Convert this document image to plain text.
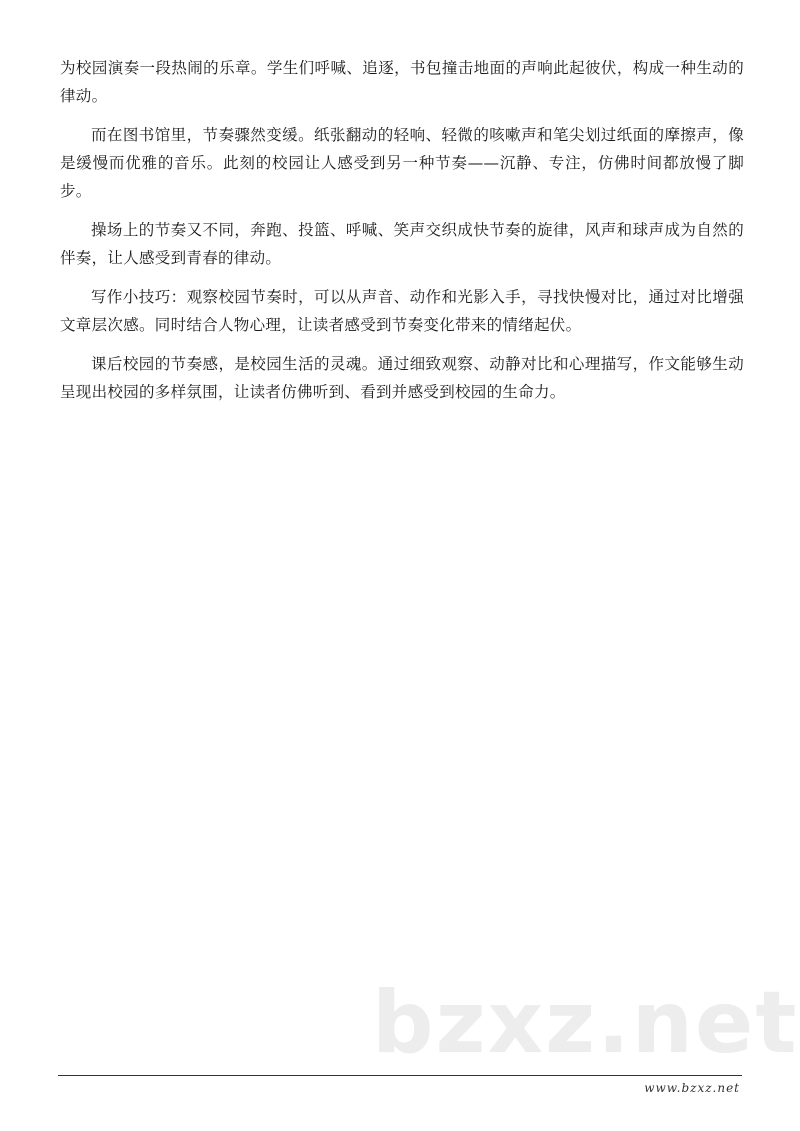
为校园演奏一段热闹的乐章。学生们呼喊、追逐，书包撞击地面的声响此起彼伏，构成一种生动的律动。

而在图书馆里，节奏骤然变缓。纸张翻动的轻响、轻微的咳嗽声和笔尖划过纸面的摩擦声，像是缓慢而优雅的音乐。此刻的校园让人感受到另一种节奏——沉静、专注，仿佛时间都放慢了脚步。

操场上的节奏又不同，奔跑、投篮、呼喊、笑声交织成快节奏的旋律，风声和球声成为自然的伴奏，让人感受到青春的律动。

写作小技巧：观察校园节奏时，可以从声音、动作和光影入手，寻找快慢对比，通过对比增强文章层次感。同时结合人物心理，让读者感受到节奏变化带来的情绪起伏。

课后校园的节奏感，是校园生活的灵魂。通过细致观察、动静对比和心理描写，作文能够生动呈现出校园的多样氛围，让读者仿佛听到、看到并感受到校园的生命力。

bzxz.net
www.bzxz.net
